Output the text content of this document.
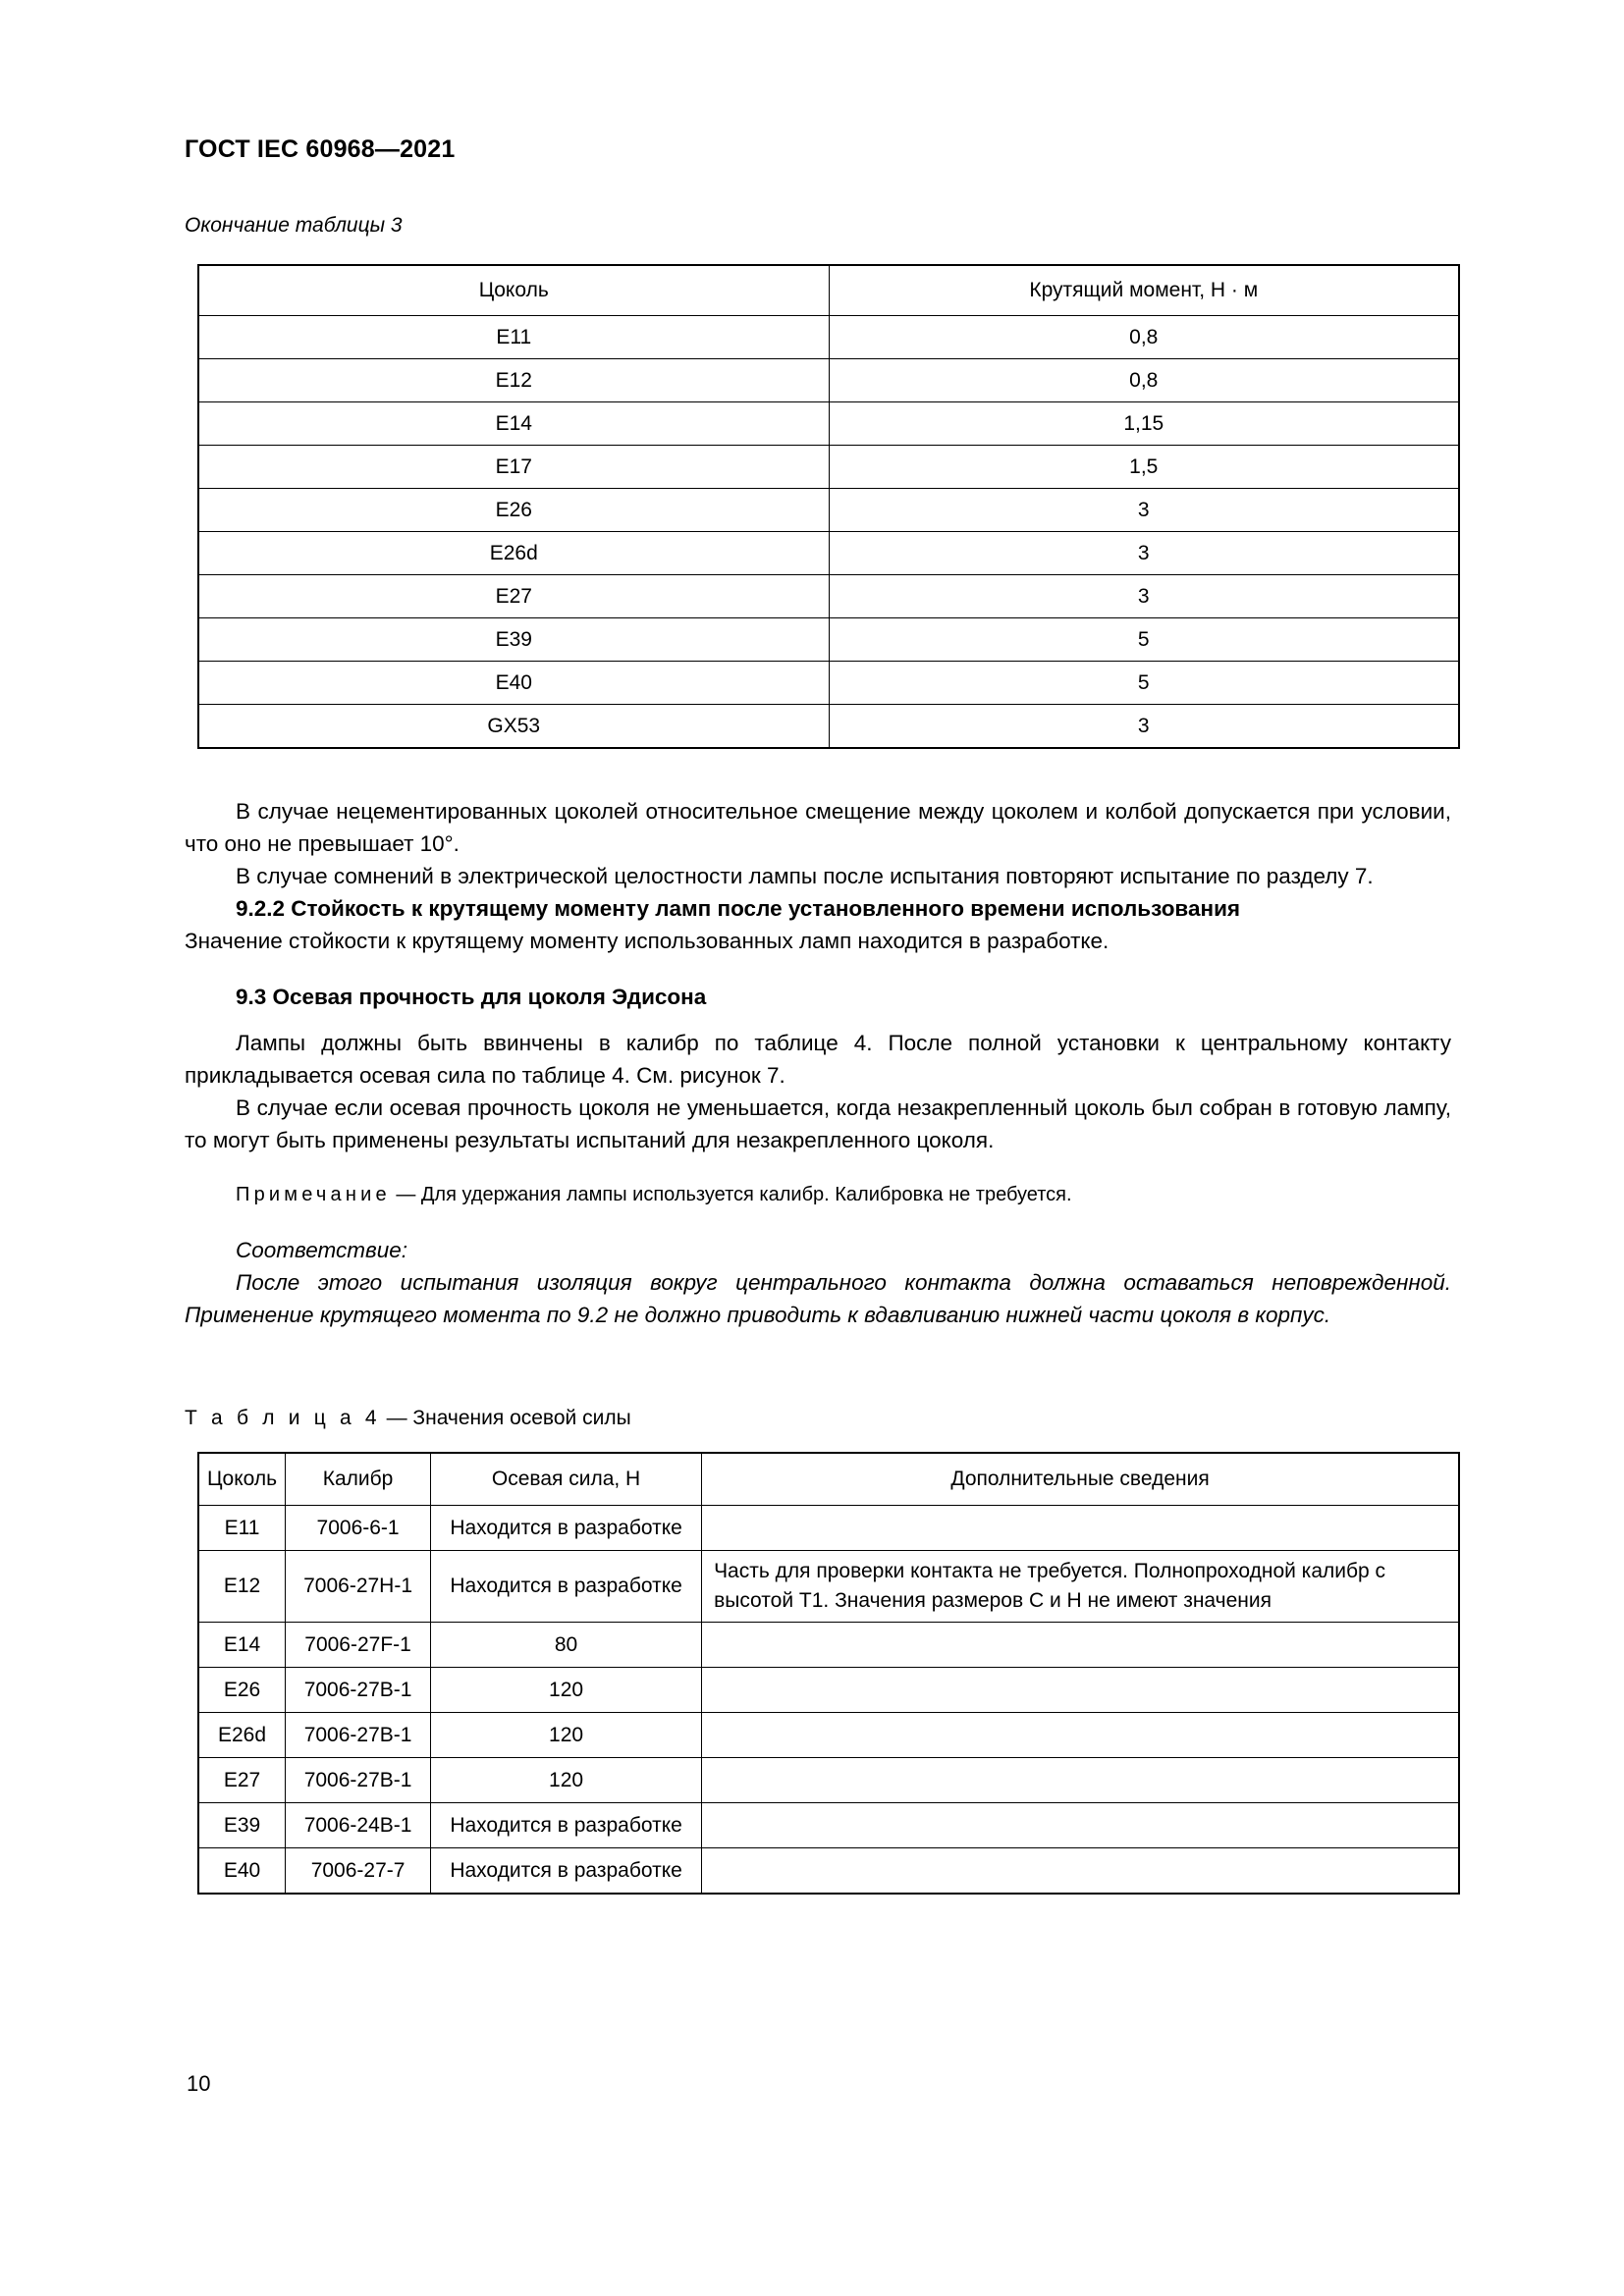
ГОСТ IEC 60968—2021
Окончание таблицы 3
Цоколь	Крутящий момент, Н · м
E11	0,8
E12	0,8
E14	1,15
E17	1,5
E26	3
E26d	3
E27	3
E39	5
E40	5
GX53	3

В случае нецементированных цоколей относительное смещение между цоколем и колбой допускается при условии, что оно не превышает 10°.

В случае сомнений в электрической целостности лампы после испытания повторяют испытание по разделу 7.

9.2.2 Стойкость к крутящему моменту ламп после установленного времени использования

Значение стойкости к крутящему моменту использованных ламп находится в разработке.

9.3 Осевая прочность для цоколя Эдисона

Лампы должны быть ввинчены в калибр по таблице 4. После полной установки к центральному контакту прикладывается осевая сила по таблице 4. См. рисунок 7.

В случае если осевая прочность цоколя не уменьшается, когда незакрепленный цоколь был собран в готовую лампу, то могут быть применены результаты испытаний для незакрепленного цоколя.

Примечание — Для удержания лампы используется калибр. Калибровка не требуется.

Соответствие:

После этого испытания изоляция вокруг центрального контакта должна оставаться неповрежденной. Применение крутящего момента по 9.2 не должно приводить к вдавливанию нижней части цоколя в корпус.

Т а б л и ц а 4 — Значения осевой силы
Цоколь	Калибр	Осевая сила, Н	Дополнительные сведения
E11	7006-6-1	Находится в разработке	
E12	7006-27H-1	Находится в разработке	Часть для проверки контакта не требуется. Полнопроходной калибр с высотой Т1. Значения размеров C и H не имеют значения
E14	7006-27F-1	80	
E26	7006-27B-1	120	
E26d	7006-27B-1	120	
E27	7006-27B-1	120	
E39	7006-24B-1	Находится в разработке	
E40	7006-27-7	Находится в разработке	
10
